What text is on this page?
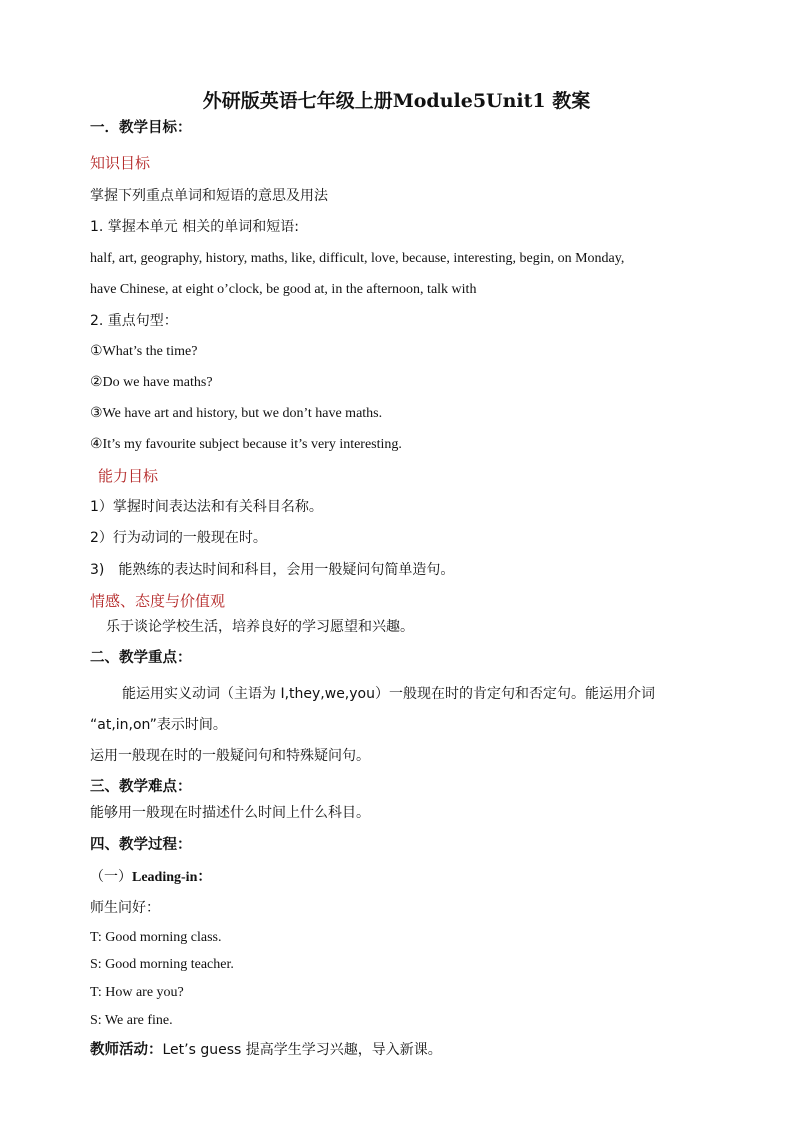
外研版英语七年级上册Module5Unit1 教案
一．教学目标：
知识目标
掌握下列重点单词和短语的意思及用法
1. 掌握本单元 相关的单词和短语:
half, art, geography, history, maths, like, difficult, love, because, interesting, begin, on Monday,
have Chinese, at eight o’clock, be good at, in the afternoon, talk with
2. 重点句型：
①What’s the time?
②Do we have maths?
③We have art and history, but we don’t have maths.
④It’s my favourite subject because it’s very interesting.
能力目标
1）掌握时间表达法和有关科目名称。
2）行为动词的一般现在时。
3)　能熟练的表达时间和科目，会用一般疑问句简单造句。
情感、态度与价值观
乐于谈论学校生活，培养良好的学习愿望和兴趣。
二、教学重点：
能运用实义动词（主语为 I,they,we,you）一般现在时的肯定句和否定句。能运用介词
“at,in,on”表示时间。
运用一般现在时的一般疑问句和特殊疑问句。
三、教学难点：
能够用一般现在时描述什么时间上什么科目。
四、教学过程：
（一）Leading-in：
师生问好：
T: Good morning class.
S: Good morning teacher.
T: How are you?
S: We are fine.
教师活动：Let’s guess 提高学生学习兴趣，导入新课。
